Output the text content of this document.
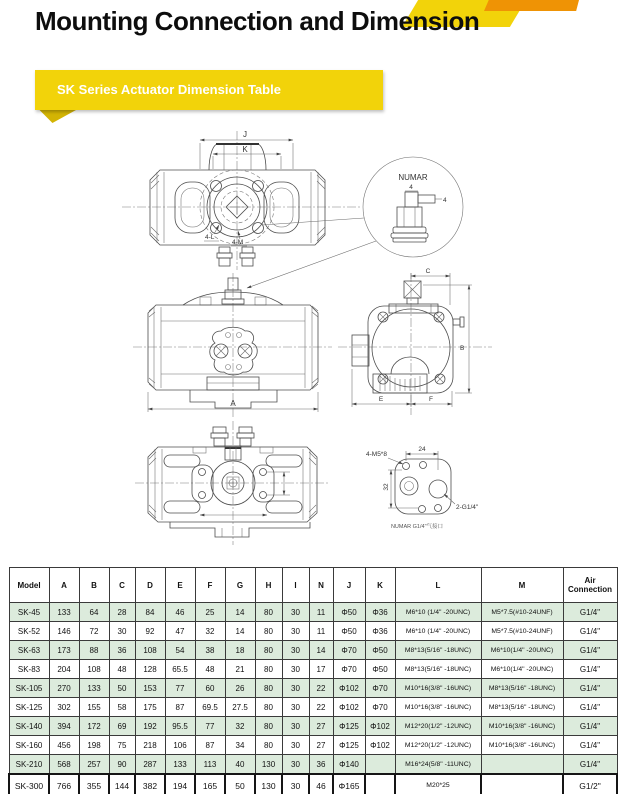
Mounting Connection and Dimension
SK Series Actuator Dimension Table
J
K
4-L
4-M
NUMAR
4
4
A
C
B
E	F
24
4-M5*8
32
2-G1/4"
NUMAR G1/4"气接口
Model	A	B	C	D	E	F	G	H	I	N	J	K	L	M	Air Connection
SK-45	133	64	28	84	46	25	14	80	30	11	Φ50	Φ36	M6*10 (1/4" -20UNC)	M5*7.5(#10-24UNF)	G1/4"
SK-52	146	72	30	92	47	32	14	80	30	11	Φ50	Φ36	M6*10 (1/4" -20UNC)	M5*7.5(#10-24UNF)	G1/4"
SK-63	173	88	36	108	54	38	18	80	30	14	Φ70	Φ50	M8*13(5/16" -18UNC)	M6*10(1/4" -20UNC)	G1/4"
SK-83	204	108	48	128	65.5	48	21	80	30	17	Φ70	Φ50	M8*13(5/16" -18UNC)	M6*10(1/4" -20UNC)	G1/4"
SK-105	270	133	50	153	77	60	26	80	30	22	Φ102	Φ70	M10*16(3/8" -16UNC)	M8*13(5/16" -18UNC)	G1/4"
SK-125	302	155	58	175	87	69.5	27.5	80	30	22	Φ102	Φ70	M10*16(3/8" -16UNC)	M8*13(5/16" -18UNC)	G1/4"
SK-140	394	172	69	192	95.5	77	32	80	30	27	Φ125	Φ102	M12*20(1/2" -12UNC)	M10*16(3/8" -16UNC)	G1/4"
SK-160	456	198	75	218	106	87	34	80	30	27	Φ125	Φ102	M12*20(1/2" -12UNC)	M10*16(3/8" -16UNC)	G1/4"
SK-210	568	257	90	287	133	113	40	130	30	36	Φ140		M16*24(5/8" -11UNC)		G1/4"
SK-300	766	355	144	382	194	165	50	130	30	46	Φ165		M20*25		G1/2"
